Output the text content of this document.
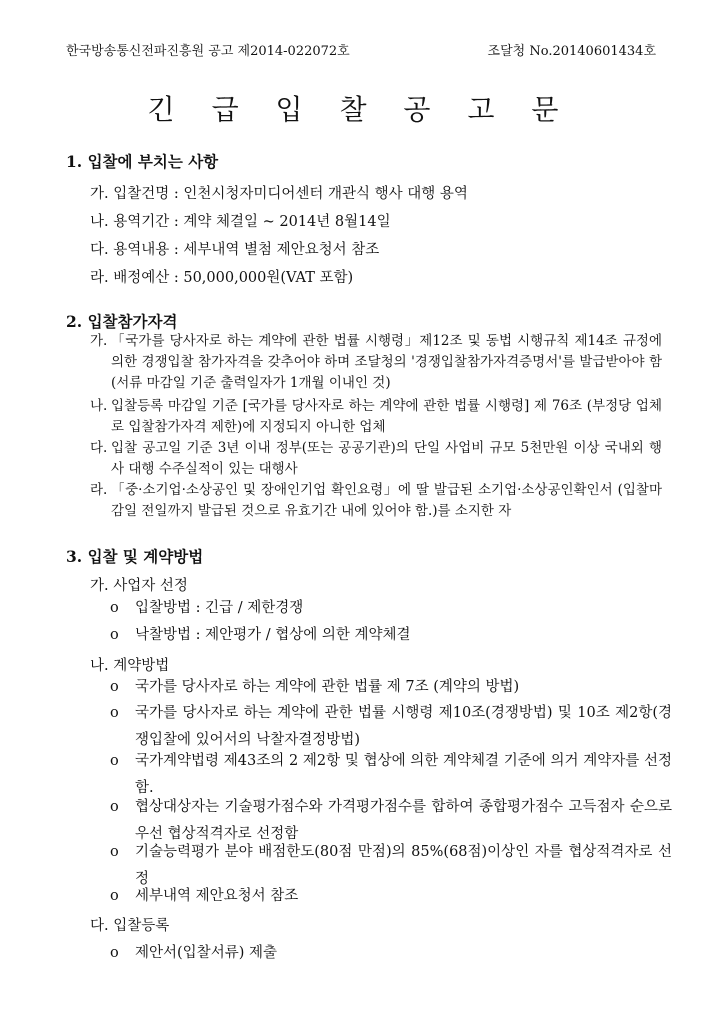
한국방송통신전파진흥원 공고 제2014-022072호	조달청 No.20140601434호
긴 급 입 찰 공 고 문
1. 입찰에 부치는 사항
가. 입찰건명 : 인천시청자미디어센터 개관식 행사 대행 용역
나. 용역기간 : 계약 체결일 ~ 2014년 8월14일
다. 용역내용 : 세부내역 별첨 제안요청서 참조
라. 배정예산 : 50,000,000원(VAT 포함)
2. 입찰참가자격
가. 「국가를 당사자로 하는 계약에 관한 법률 시행령」제12조 및 동법 시행규칙 제14조 규정에 의한 경쟁입찰 참가자격을 갖추어야 하며 조달청의 '경쟁입찰참가자격증명서'를 발급받아야 함(서류 마감일 기준 출력일자가 1개월 이내인 것)
나. 입찰등록 마감일 기준 [국가를 당사자로 하는 계약에 관한 법률 시행령] 제 76조 (부정당 업체로 입찰참가자격 제한)에 지정되지 아니한 업체
다. 입찰 공고일 기준 3년 이내 정부(또는 공공기관)의 단일 사업비 규모 5천만원 이상 국내외 행사 대행 수주실적이 있는 대행사
라. 「중·소기업·소상공인 및 장애인기업 확인요령」에 딸 발급된 소기업·소상공인확인서 (입찰마감일 전일까지 발급된 것으로 유효기간 내에 있어야 함.)를 소지한 자
3. 입찰 및 계약방법
가. 사업자 선정
o	입찰방법 : 긴급 / 제한경쟁
o	낙찰방법 : 제안평가 / 협상에 의한 계약체결
나. 계약방법
o	국가를 당사자로 하는 계약에 관한 법률 제 7조 (계약의 방법)
o	국가를 당사자로 하는 계약에 관한 법률 시행령 제10조(경쟁방법) 및 10조 제2항(경쟁입찰에 있어서의 낙찰자결정방법)
o	국가계약법령 제43조의 2 제2항 및 협상에 의한 계약체결 기준에 의거 계약자를 선정함.
o	협상대상자는 기술평가점수와 가격평가점수를 합하여 종합평가점수 고득점자 순으로 우선 협상적격자로 선정함
o	기술능력평가 분야 배점한도(80점 만점)의 85%(68점)이상인 자를 협상적격자로 선정
o	세부내역 제안요청서 참조
다. 입찰등록
o	제안서(입찰서류) 제출
